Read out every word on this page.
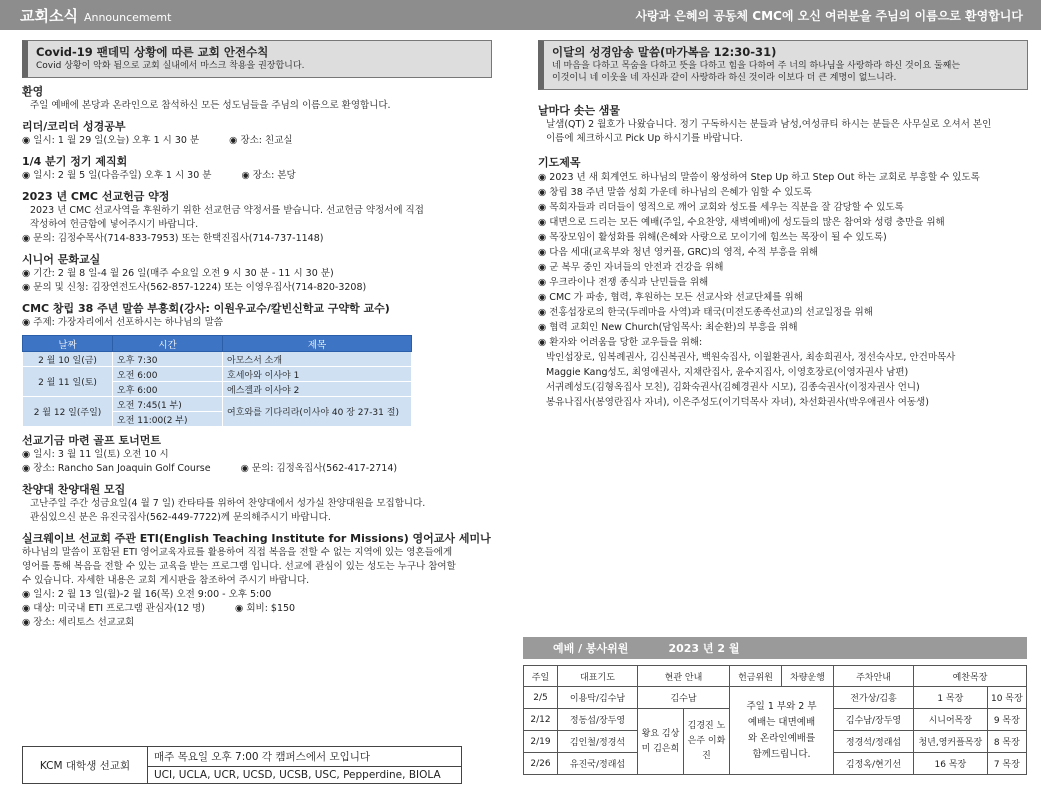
교회소식 Announcememt	사랑과 은혜의 공동체 CMC에 오신 여러분을 주님의 이름으로 환영합니다
Covid-19 팬데믹 상황에 따른 교회 안전수칙
Covid 상황이 악화 됨으로 교회 실내에서 마스크 착용을 권장합니다.
환영

주일 예배에 본당과 온라인으로 참석하신 모든 성도님들을 주님의 이름으로 환영합니다.

리더/코리더 성경공부
◉ 일시: 1 월 29 일(오늘) 오후 1 시 30 분	◉ 장소: 친교실
1/4 분기 정기 제직회
◉ 일시: 2 월 5 일(다음주일) 오후 1 시 30 분	◉ 장소: 본당
2023 년 CMC 선교헌금 약정

2023 년 CMC 선교사역을 후원하기 위한 선교헌금 약정서를 받습니다. 선교헌금 약정서에 직접

작성하여 헌금함에 넣어주시기 바랍니다.

◉ 문의: 김정수목사(714-833-7953) 또는 한택진집사(714-737-1148)

시니어 문화교실

◉ 기간: 2 월 8 일-4 월 26 일(매주 수요일 오전 9 시 30 분 - 11 시 30 분)

◉ 문의 및 신청: 김장연전도사(562-857-1224) 또는 이영우집사(714-820-3208)

CMC 창립 38 주년 말씀 부흥회(강사: 이원우교수/칼빈신학교 구약학 교수)

◉ 주제: 가장자리에서 선포하시는 하나님의 말씀

날짜	시간	제목
2 월 10 일(금)	오후 7:30	아모스서 소개
2 월 11 일(토)	오전 6:00	호세아와 이사야 1
	오후 6:00	에스겔과 이사야 2
2 월 12 일(주일)	오전 7:45(1 부)	여호와를 기다리라(이사야 40 장 27-31 절)
	오전 11:00(2 부)	
선교기금 마련 골프 토너먼트

◉ 일시: 3 월 11 일(토) 오전 10 시

◉ 장소: Rancho San Joaquin Golf Course	◉ 문의: 김정옥집사(562-417-2714)
찬양대 찬양대원 모집

고난주일 주간 성금요일(4 월 7 일) 칸타타를 위하여 찬양대에서 성가실 찬양대원을 모집합니다.

관심있으신 분은 유진국집사(562-449-7722)께 문의해주시기 바랍니다.

실크웨이브 선교회 주관 ETI(English Teaching Institute for Missions) 영어교사 세미나

하나님의 말씀이 포함된 ETI 영어교육자료를 활용하여 직접 복음을 전할 수 없는 지역에 있는 영혼들에게

영어를 통해 복음을 전할 수 있는 교육을 받는 프로그램 입니다. 선교에 관심이 있는 성도는 누구나 참여할

수 있습니다. 자세한 내용은 교회 게시판을 참조하여 주시기 바랍니다.

◉ 일시: 2 월 13 일(월)-2 월 16(목) 오전 9:00 - 오후 5:00

◉ 대상: 미국내 ETI 프로그램 관심자(12 명)	◉ 회비: $150

◉ 장소: 세리토스 선교교회

KCM 대학생 선교회	매주 목요일 오후 7:00 각 캠퍼스에서 모입니다
UCI, UCLA, UCR, UCSD, UCSB, USC, Pepperdine, BIOLA
이달의 성경암송 말씀(마가복음 12:30-31)
네 마음을 다하고 목숨을 다하고 뜻을 다하고 힘을 다하여 주 너의 하나님을 사랑하라 하신 것이요 둘째는
이것이니 네 이웃을 네 자신과 같이 사랑하라 하신 것이라 이보다 더 큰 계명이 없느니라.
날마다 솟는 샘물

날샘(QT) 2 월호가 나왔습니다. 정기 구독하시는 분들과 남성,여성큐티 하시는 분들은 사무실로 오셔서 본인

이름에 체크하시고 Pick Up 하시기를 바랍니다.

기도제목
◉ 2023 년 새 회계연도 하나님의 말씀이 왕성하여 Step Up 하고 Step Out 하는 교회로 부흥할 수 있도록
◉ 창립 38 주년 말씀 성회 가운데 하나님의 은혜가 임할 수 있도록
◉ 목회자들과 리더들이 영적으로 깨어 교회와 성도를 세우는 직분을 잘 감당할 수 있도록
◉ 대면으로 드리는 모든 예배(주일, 수요찬양, 새벽예배)에 성도들의 많은 참여와 성령 충만을 위해
◉ 목장모임이 활성화를 위해(은혜와 사랑으로 모이기에 힘쓰는 목장이 될 수 있도록)
◉ 다음 세대(교육부와 청년 영커플, GRC)의 영적, 수적 부흥을 위해
◉ 군 복무 중인 자녀들의 안전과 건강을 위해
◉ 우크라이나 전쟁 종식과 난민들을 위해
◉ CMC 가 파송, 협력, 후원하는 모든 선교사와 선교단체를 위해
◉ 전홍섭장로의 한국(두레마을 사역)과 태국(미전도종족선교)의 선교일정을 위해
◉ 협력 교회인 New Church(담임목사: 최순환)의 부흥을 위해
◉ 환자와 어려움을 당한 교우들을 위해:
박인섭장로, 임복례권사, 김신복권사, 백원숙집사, 이월환권사, 최송희권사, 정선숙사모, 안건마목사
Maggie Kang성도, 최영애권사, 지채란집사, 윤수지집사, 이영호장로(이영자권사 남편)
서귀례성도(김형옥집사 모친), 김화숙권사(김혜경권사 시모), 김종숙권사(이정자권사 언니)
봉유나집사(봉영란집사 자녀), 이은주성도(이기덕목사 자녀), 차선화권사(박우애권사 여동생)
예배 / 봉사위원	2023 년 2 월
주일	대표기도	현관 안내		헌금위원	차량운행	주차안내	예찬목장	
2/5	이용탁/김수남	김수남		주일 1 부와 2 부 예배는 대면예배와 온라인예배를 함께드립니다.		전가상/김흥	1 목장	10 목장
2/12	정동섭/장두영	왕요 김상미 김은희	김경진 노은주 이화진			김수남/장두영	시니어목장	9 목장
2/19	김인철/정경석					정경석/정래섭	청년,영커플목장	8 목장
2/26	유진국/정래섭					김정옥/현기선	16 목장	7 목장
